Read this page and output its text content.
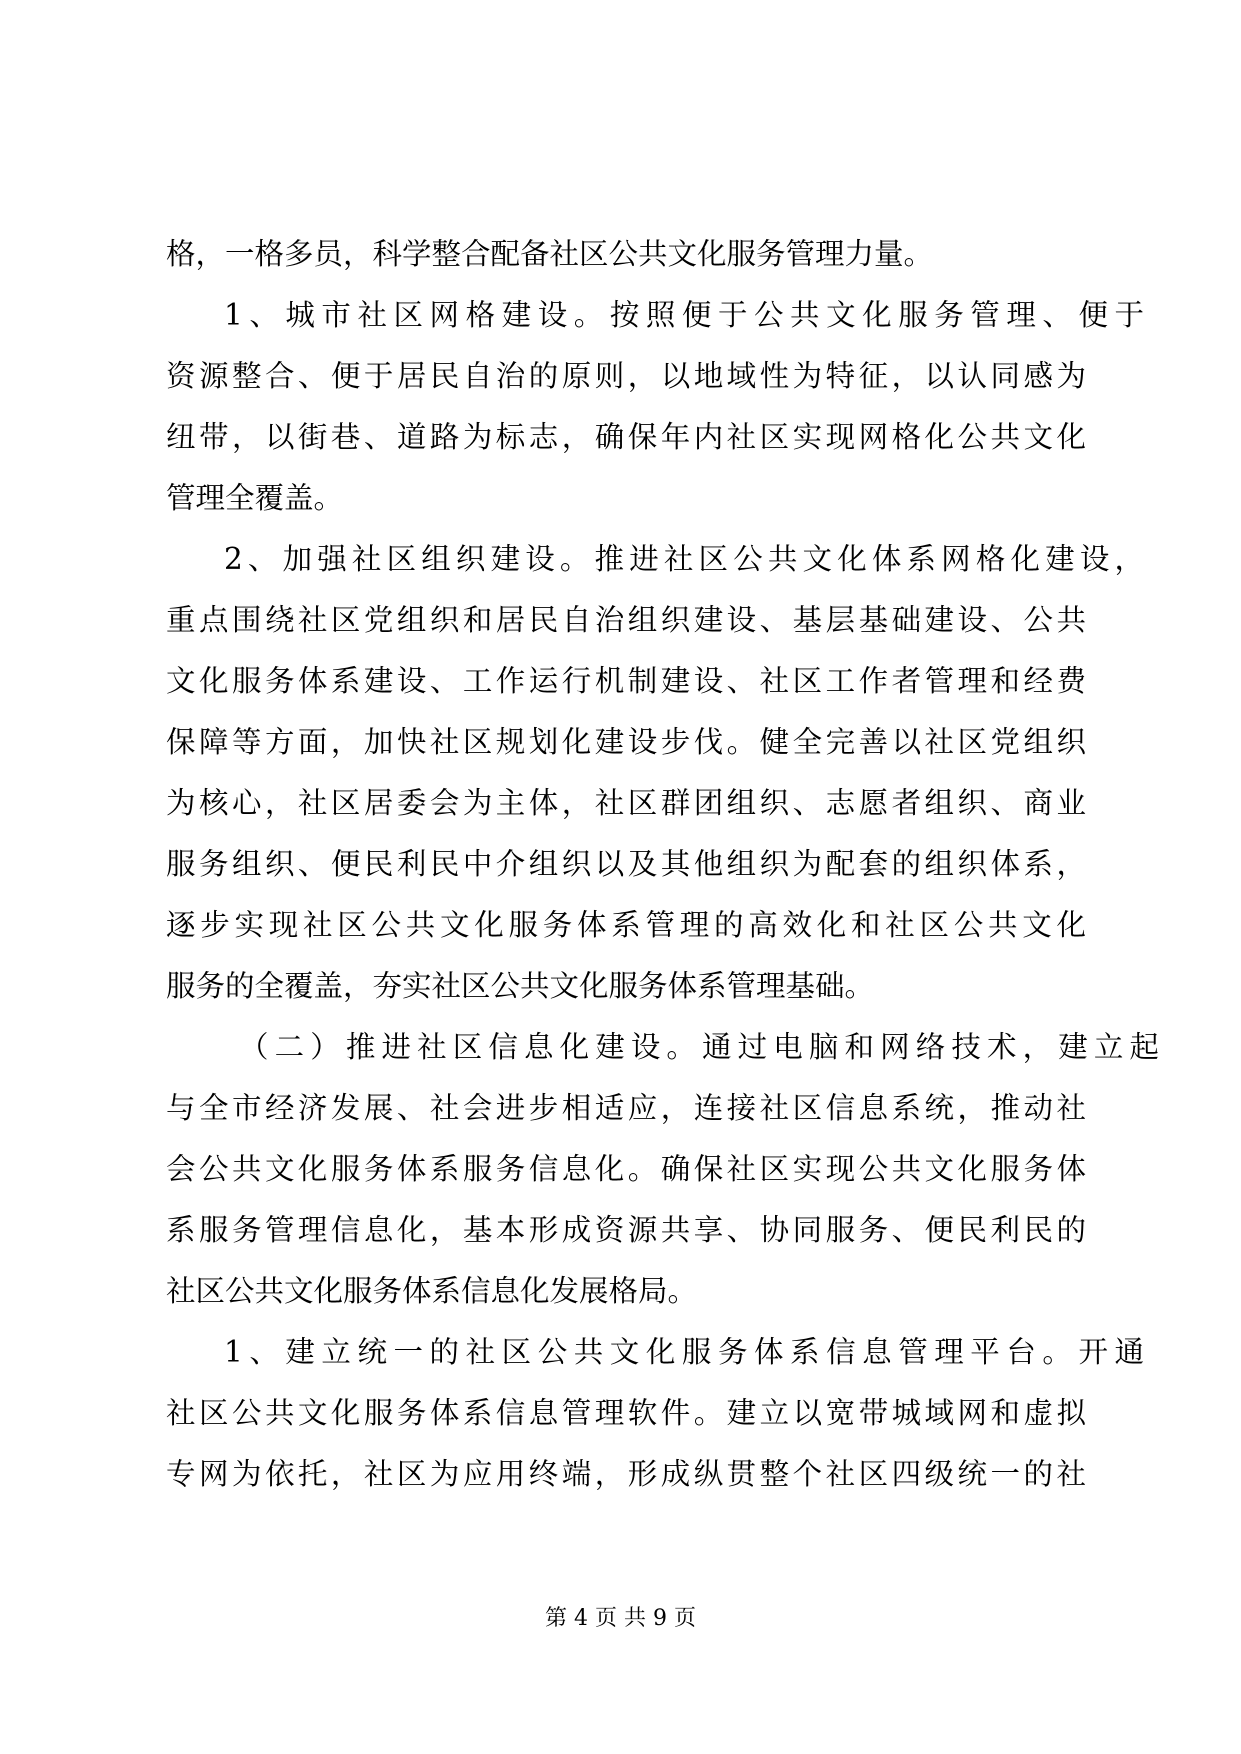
格，一格多员，科学整合配备社区公共文化服务管理力量。
1、城市社区网格建设。按照便于公共文化服务管理、便于
资源整合、便于居民自治的原则，以地域性为特征，以认同感为
纽带，以街巷、道路为标志，确保年内社区实现网格化公共文化
管理全覆盖。
2、加强社区组织建设。推进社区公共文化体系网格化建设，
重点围绕社区党组织和居民自治组织建设、基层基础建设、公共
文化服务体系建设、工作运行机制建设、社区工作者管理和经费
保障等方面，加快社区规划化建设步伐。健全完善以社区党组织
为核心，社区居委会为主体，社区群团组织、志愿者组织、商业
服务组织、便民利民中介组织以及其他组织为配套的组织体系，
逐步实现社区公共文化服务体系管理的高效化和社区公共文化
服务的全覆盖，夯实社区公共文化服务体系管理基础。
（二）推进社区信息化建设。通过电脑和网络技术，建立起
与全市经济发展、社会进步相适应，连接社区信息系统，推动社
会公共文化服务体系服务信息化。确保社区实现公共文化服务体
系服务管理信息化，基本形成资源共享、协同服务、便民利民的
社区公共文化服务体系信息化发展格局。
1、建立统一的社区公共文化服务体系信息管理平台。开通
社区公共文化服务体系信息管理软件。建立以宽带城域网和虚拟
专网为依托，社区为应用终端，形成纵贯整个社区四级统一的社
第 4 页 共 9 页
